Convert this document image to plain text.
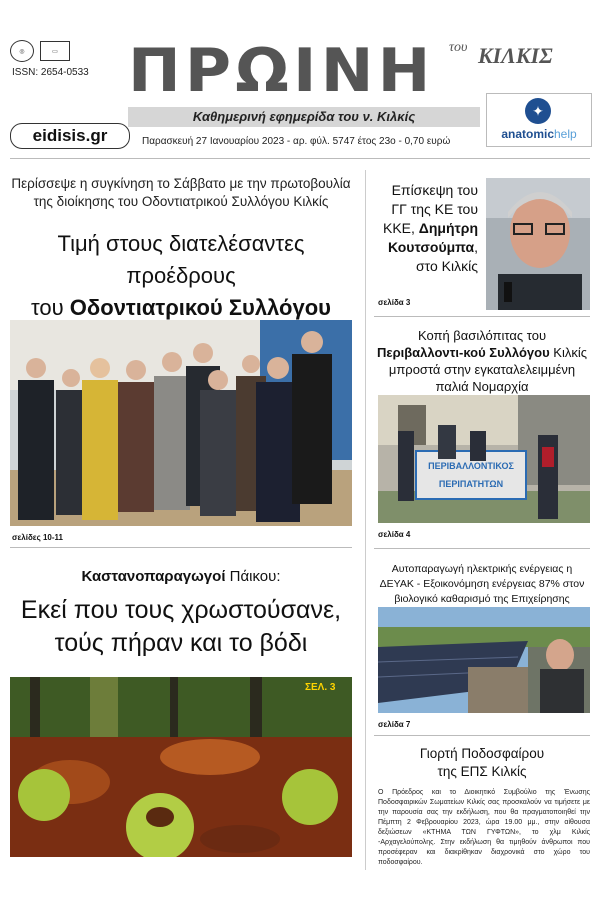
◎	▭
ISSN: 2654-0533 ΠΡΩΙΝΗ του ΚΙΛΚΙΣ
Καθημερινή εφημερίδα του ν. Κιλκίς
Παρασκευή 27 Ιανουαρίου 2023 - αρ. φύλ. 5747 έτος 23ο - 0,70 ευρώ
eidisis.gr
✦
anatomichelp
Περίσσεψε η συγκίνηση το Σάββατο με την πρωτοβουλία της διοίκησης του Οδοντιατρικού Συλλόγου Κιλκίς
Τιμή στους διατελέσαντες προέδρους
του Οδοντιατρικού Συλλόγου
σελίδες 10-11
Καστανοπαραγωγοί Πάικου:
Εκεί που τους χρωστούσανε,
τούς πήραν και το βόδι
ΣΕΛ. 3
Επίσκεψη του
ΓΓ της ΚΕ του
ΚΚΕ, Δημήτρη
Κουτσούμπα,
στο Κιλκίς
σελίδα 3
Κοπή βασιλόπιτας του Περιβαλλοντι-κού Συλλόγου Κιλκίς μπροστά στην εγκαταλελειμμένη παλιά Νομαρχία
ΠΕΡΙΒΑΛΛΟΝΤΙΚΟΣ
ΠΕΡΙΠΑΤΗΤΩΝ
σελίδα 4
Αυτοπαραγωγή ηλεκτρικής ενέργειας η ΔΕΥΑΚ - Εξοικονόμηση ενέργειας 87% στον βιολογικό καθαρισμό της Επιχείρησης
σελίδα 7
Γιορτή Ποδοσφαίρου
της ΕΠΣ Κιλκίς
Ο Πρόεδρος και το Διοικητικό Συμβούλιο της Ένωσης Ποδοσφαιρικών Σωματείων Κιλκίς σας προσκαλούν να τιμήσετε με την παρουσία σας την εκδήλωση, που θα πραγματοποιηθεί την Πέμπτη 2 Φεβρουαρίου 2023, ώρα 19.00 μμ., στην αίθουσα δεξιώσεων «ΚΤΗΜΑ ΤΩΝ ΓΥΦΤΩΝ», το χλμ Κιλκίς -Αρχαγελούπολης. Στην εκδήλωση θα τιμηθούν άνθρωποι που προσέφεραν και διακρίθηκαν διαχρονικά στο χώρο του ποδοσφαίρου.
